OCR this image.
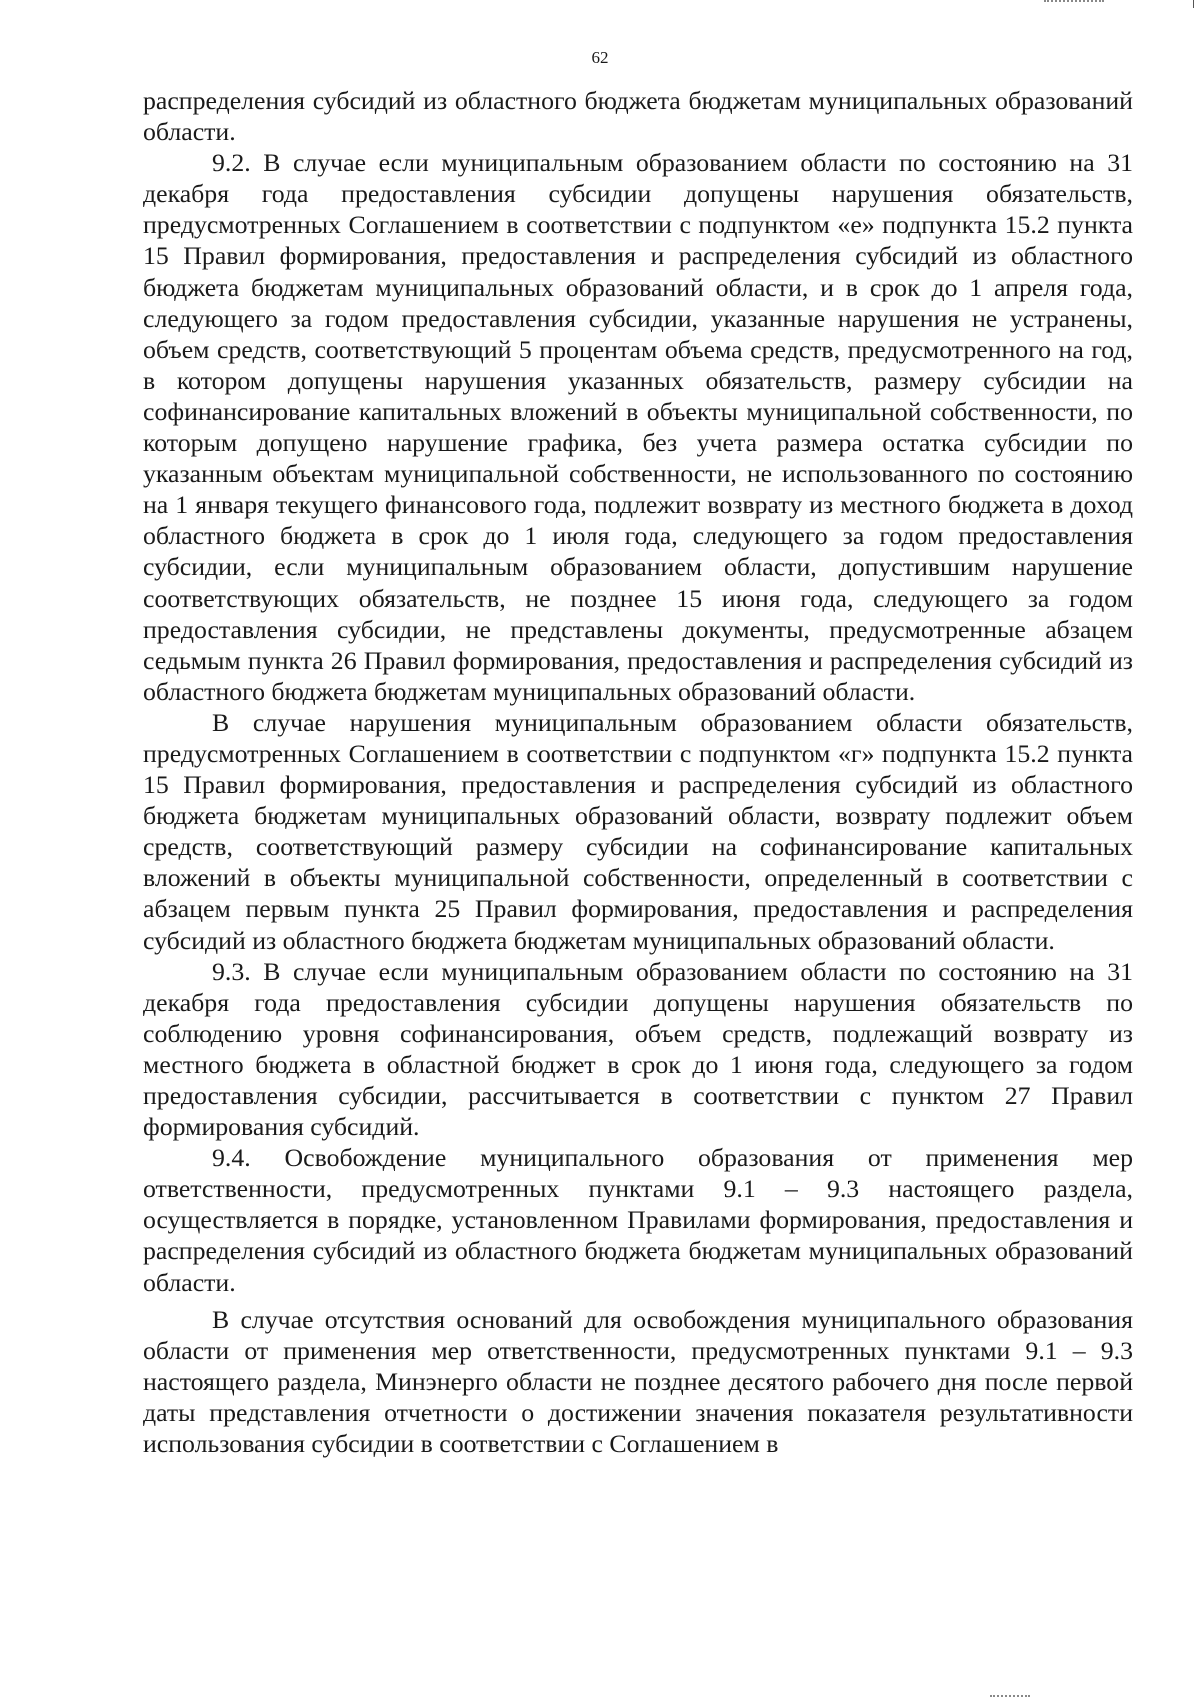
62

распределения субсидий из областного бюджета бюджетам муниципальных образований области.

9.2. В случае если муниципальным образованием области по состоянию на 31 декабря года предоставления субсидии допущены нарушения обязательств, предусмотренных Соглашением в соответствии с подпунктом «е» подпункта 15.2 пункта 15 Правил формирования, предоставления и распределения субсидий из областного бюджета бюджетам муниципальных образований области, и в срок до 1 апреля года, следующего за годом предоставления субсидии, указанные нарушения не устранены, объем средств, соответствующий 5 процентам объема средств, предусмотренного на год, в котором допущены нарушения указанных обязательств, размеру субсидии на софинансирование капитальных вложений в объекты муниципальной собственности, по которым допущено нарушение графика, без учета размера остатка субсидии по указанным объектам муниципальной собственности, не использованного по состоянию на 1 января текущего финансового года, подлежит возврату из местного бюджета в доход областного бюджета в срок до 1 июля года, следующего за годом предоставления субсидии, если муниципальным образованием области, допустившим нарушение соответствующих обязательств, не позднее 15 июня года, следующего за годом предоставления субсидии, не представлены документы, предусмотренные абзацем седьмым пункта 26 Правил формирования, предоставления и распределения субсидий из областного бюджета бюджетам муниципальных образований области.

В случае нарушения муниципальным образованием области обязательств, предусмотренных Соглашением в соответствии с подпунктом «г» подпункта 15.2 пункта 15 Правил формирования, предоставления и распределения субсидий из областного бюджета бюджетам муниципальных образований области, возврату подлежит объем средств, соответствующий размеру субсидии на софинансирование капитальных вложений в объекты муниципальной собственности, определенный в соответствии с абзацем первым пункта 25 Правил формирования, предоставления и распределения субсидий из областного бюджета бюджетам муниципальных образований области.

9.3. В случае если муниципальным образованием области по состоянию на 31 декабря года предоставления субсидии допущены нарушения обязательств по соблюдению уровня софинансирования, объем средств, подлежащий возврату из местного бюджета в областной бюджет в срок до 1 июня года, следующего за годом предоставления субсидии, рассчитывается в соответствии с пунктом 27 Правил формирования субсидий.

9.4. Освобождение муниципального образования от применения мер ответственности, предусмотренных пунктами 9.1 – 9.3 настоящего раздела, осуществляется в порядке, установленном Правилами формирования, предоставления и распределения субсидий из областного бюджета бюджетам муниципальных образований области.

В случае отсутствия оснований для освобождения муниципального образования области от применения мер ответственности, предусмотренных пунктами 9.1 – 9.3 настоящего раздела, Минэнерго области не позднее десятого рабочего дня после первой даты представления отчетности о достижении значения показателя результативности использования субсидии в соответствии с Соглашением в
